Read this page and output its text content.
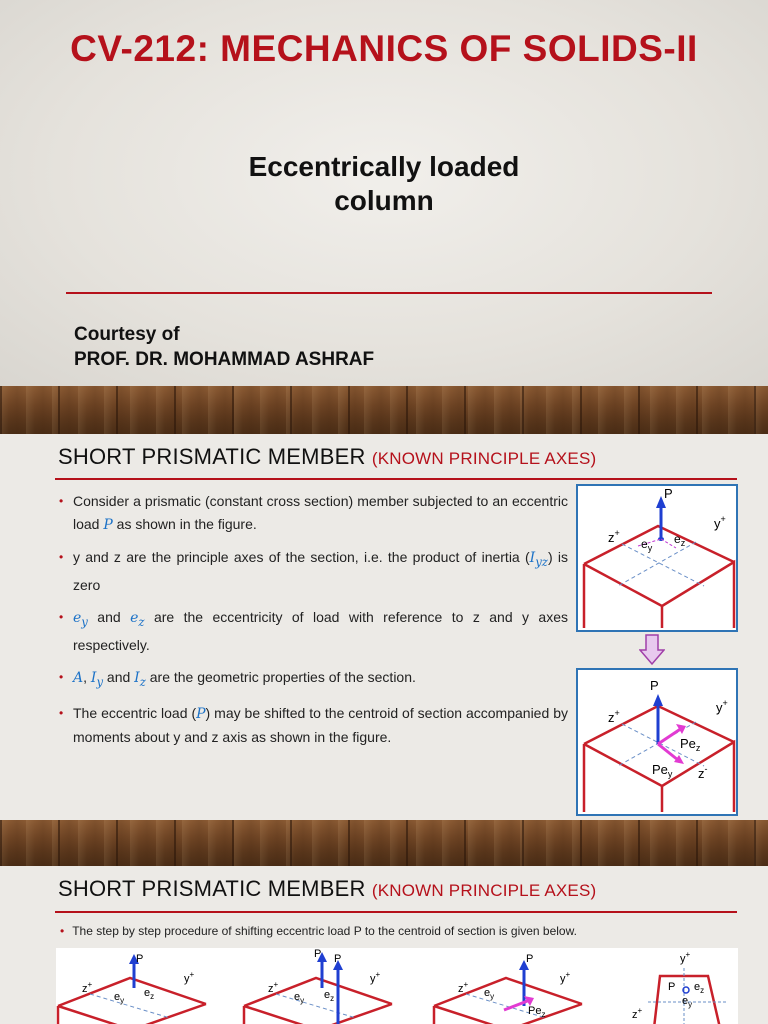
CV-212: MECHANICS OF SOLIDS-II
Eccentrically loaded
column
Courtesy of
PROF. DR. MOHAMMAD ASHRAF
SHORT PRISMATIC MEMBER (KNOWN PRINCIPLE AXES)
• Consider a prismatic (constant cross section) member subjected to an eccentric load P as shown in the figure.
• y and z are the principle axes of the section, i.e. the product of inertia $(I_{yz})$ is zero
• $e_y$ and $e_z$ are the eccentricity of load with reference to z and y axes respectively.
• A, $I_y$ and $I_z$ are the geometric properties of the section.
• The eccentric load (P) may be shifted to the centroid of section accompanied by moments about y and z axis as shown in the figure.
P
z+
y+
$e_y$
$e_z$
P
z+	y+
$Pe_z$
$Pe_y$ z-
SHORT PRISMATIC MEMBER (KNOWN PRINCIPLE AXES)
• The step by step procedure of shifting eccentric load P to the centroid of section is given below.
P
z+	y+
$e_y$
$e_z$
P P
z+	y+
$e_y$ $e_z$
P
z+	y+
$e_y$
$Pe_z$
y+
P $e_z$
$e_y$
z+
